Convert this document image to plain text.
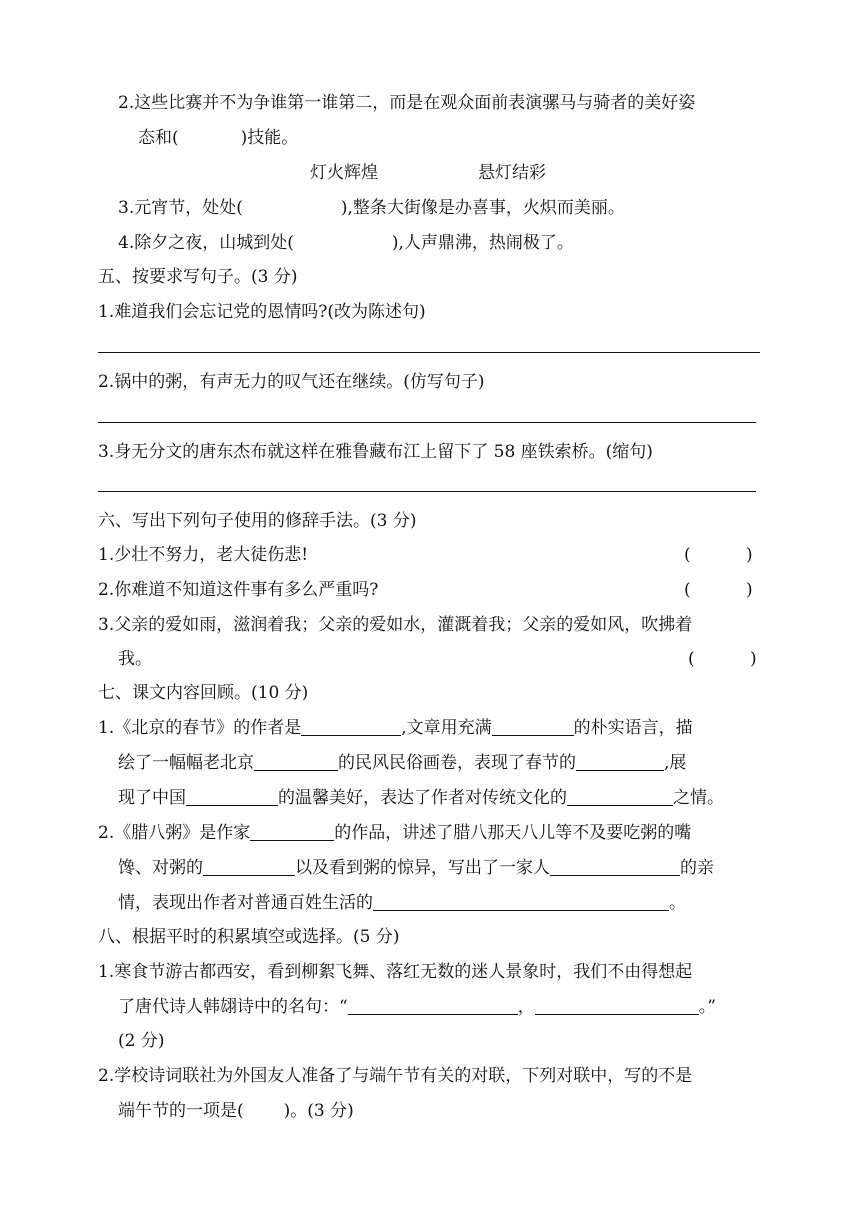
2.这些比赛并不为争谁第一谁第二，而是在观众面前表演骡马与骑者的美好姿
态和(	)技能。
灯火辉煌	悬灯结彩
3.元宵节，处处(	),整条大街像是办喜事，火炽而美丽。
4.除夕之夜，山城到处(	),人声鼎沸，热闹极了。
五、按要求写句子。(3 分)
1.难道我们会忘记党的恩情吗?(改为陈述句)
2.锅中的粥，有声无力的叹气还在继续。(仿写句子)
3.身无分文的唐东杰布就这样在雅鲁藏布江上留下了 58 座铁索桥。(缩句)
六、写出下列句子使用的修辞手法。(3 分)
1.少壮不努力，老大徒伤悲!	(	)
2.你难道不知道这件事有多么严重吗?	(	)
3.父亲的爱如雨，滋润着我；父亲的爱如水，灌溉着我；父亲的爱如风，吹拂着
我。	(	)
七、课文内容回顾。(10 分)
1.《北京的春节》的作者是	,文章用充满	的朴实语言，描
绘了一幅幅老北京	的民风民俗画卷，表现了春节的	,展
现了中国	的温馨美好，表达了作者对传统文化的	之情。
2.《腊八粥》是作家	的作品，讲述了腊八那天八儿等不及要吃粥的嘴
馋、对粥的	以及看到粥的惊异，写出了一家人	的亲
情，表现出作者对普通百姓生活的	。
八、根据平时的积累填空或选择。(5 分)
1.寒食节游古都西安，看到柳絮飞舞、落红无数的迷人景象时，我们不由得想起
了唐代诗人韩翃诗中的名句：“	，	。”
(2 分)
2.学校诗词联社为外国友人准备了与端午节有关的对联，下列对联中，写的不是
端午节的一项是( )。(3 分)
